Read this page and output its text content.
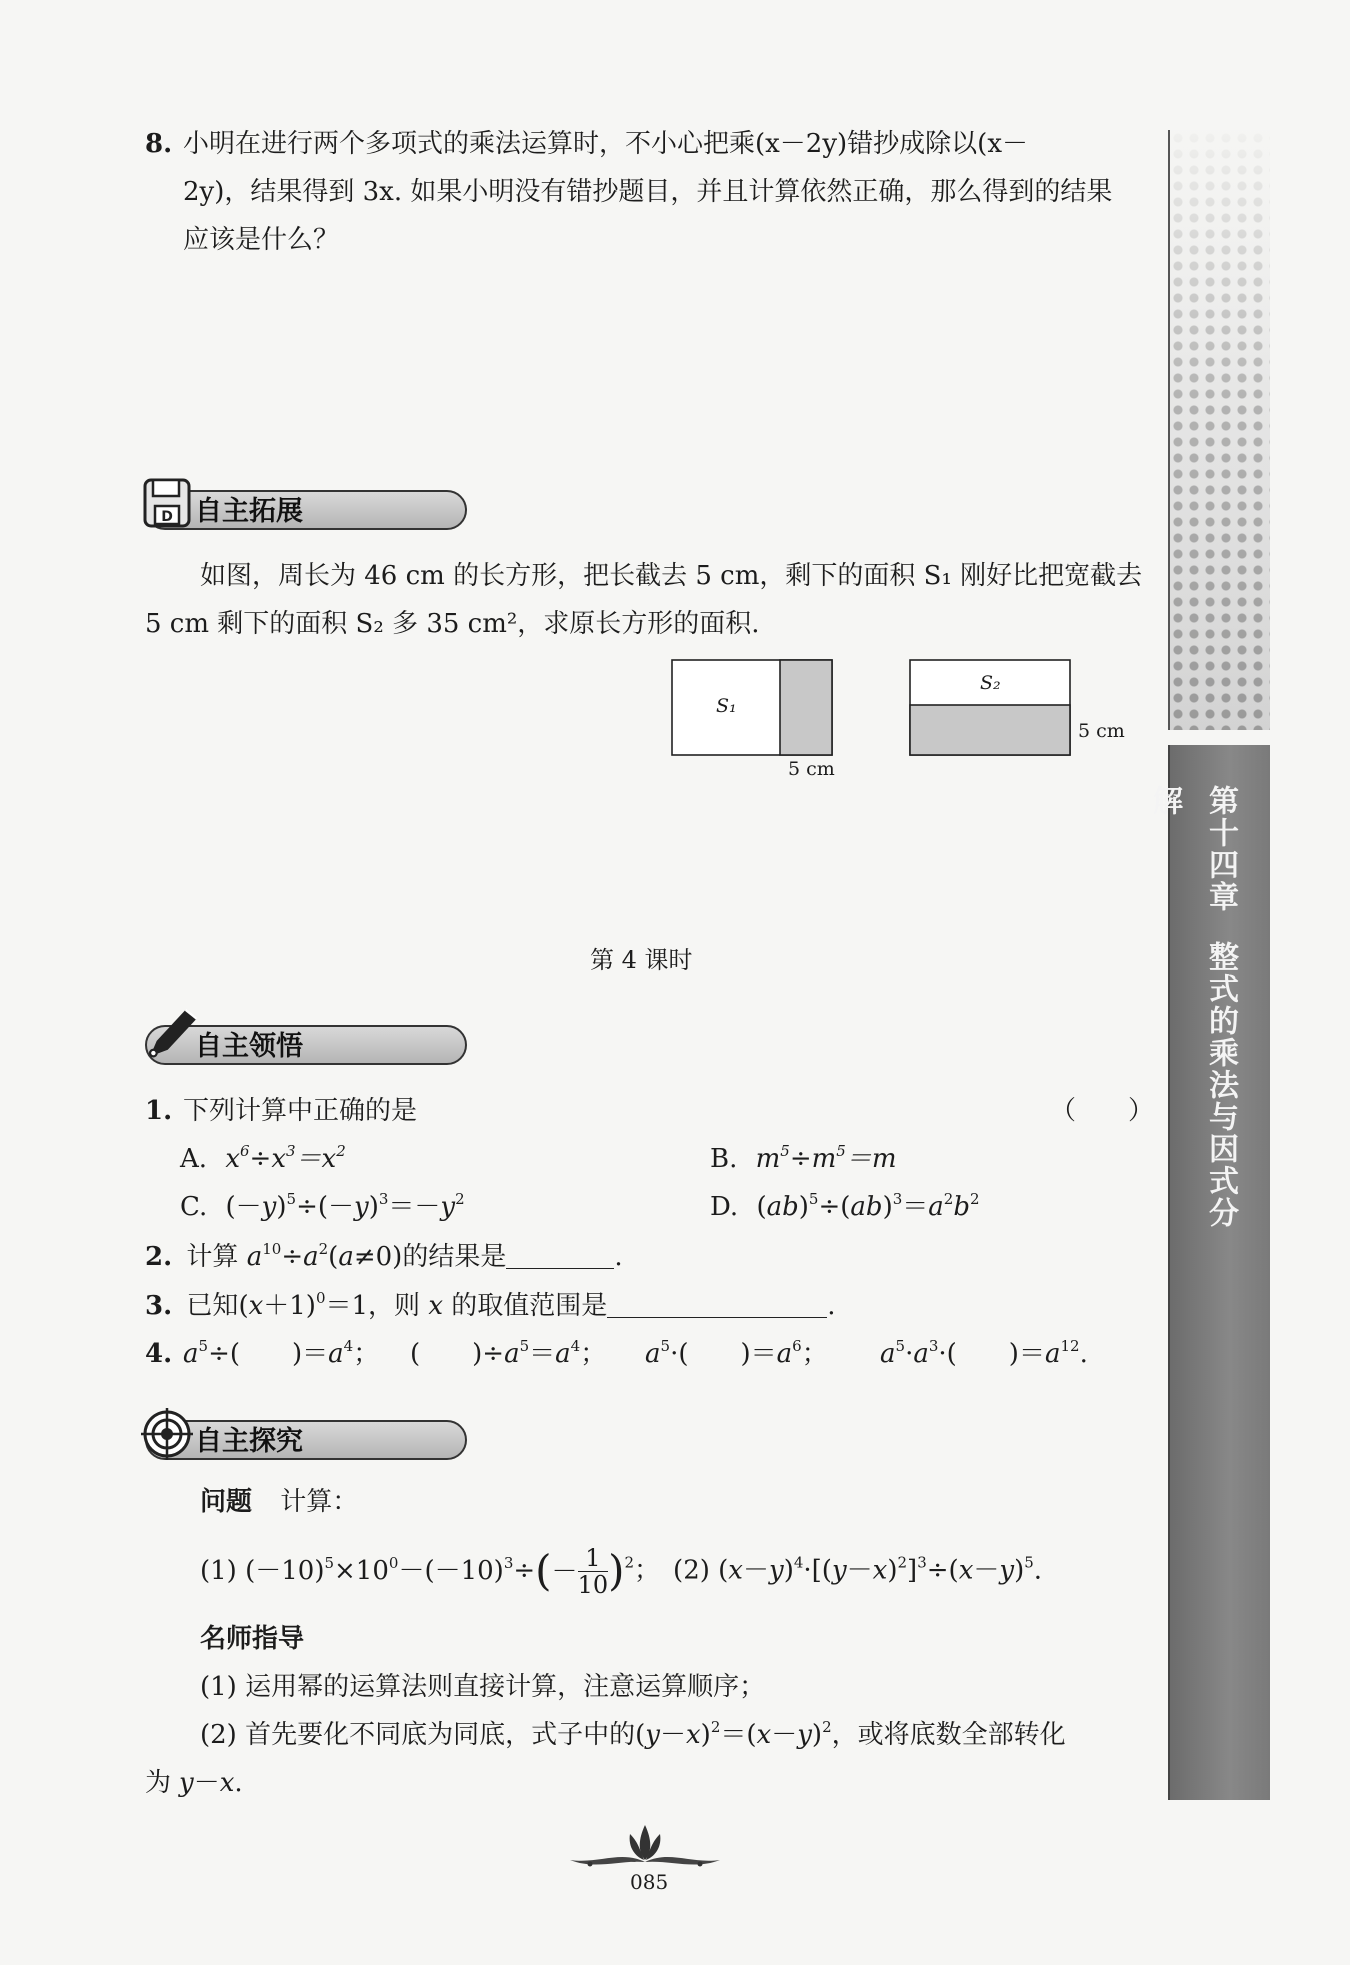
8. 小明在进行两个多项式的乘法运算时，不小心把乘(x－2y)错抄成除以(x－
2y)，结果得到 3x. 如果小明没有错抄题目，并且计算依然正确，那么得到的结果
应该是什么？
D 自主拓展
如图，周长为 46 cm 的长方形，把长截去 5 cm，剩下的面积 S₁ 刚好比把宽截去
5 cm 剩下的面积 S₂ 多 35 cm²，求原长方形的面积.
S₁
5 cm
S₂
5 cm
第 4 课时
自主领悟
1. 下列计算中正确的是	（　　）
A. $x^6\div x^3=x^2$	B. $m^5\div m^5=m$
C. $(-y)^5\div(-y)^3=-y^2$	D. $(ab)^5\div(ab)^3=a^2b^2$
2. 计算 $a^{10}\div a^2(a\ne 0)$的结果是	.
3. 已知$(x+1)^0=1$，则 x 的取值范围是	.
4. $a^5\div$(　　)$=a^4$； (　　)$\div a^5=a^4$； $a^5\cdot$(　　)$=a^6$； $a^5\cdot a^3\cdot$(　　)$=a^{12}$.
自主探究
问题 计算：
(1) $(-10)^5\times 10^0-(-10)^3\div(- \frac{1}{10} )^2$；　(2) $(x-y)^4\cdot[(y-x)^2]^3\div(x-y)^5$.
名师指导
(1) 运用幂的运算法则直接计算，注意运算顺序；
(2) 首先要化不同底为同底，式子中的$(y-x)^2=(x-y)^2$，或将底数全部转化
为 y－x.
第十四章整式的乘法与因式分解
085
